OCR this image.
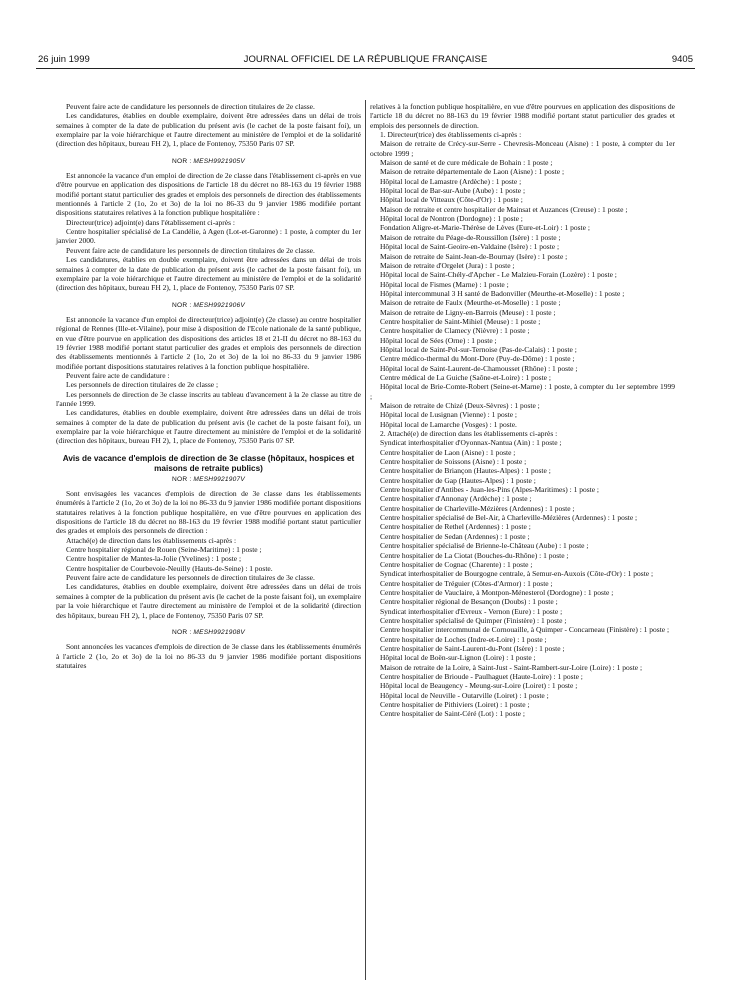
26 juin 1999	JOURNAL OFFICIEL DE LA RÉPUBLIQUE FRANÇAISE	9405

Peuvent faire acte de candidature les personnels de direction titulaires de 2e classe.

Les candidatures, établies en double exemplaire, doivent être adressées dans un délai de trois semaines à compter de la date de publication du présent avis (le cachet de la poste faisant foi), un exemplaire par la voie hiérarchique et l'autre directement au ministère de l'emploi et de la solidarité (direction des hôpitaux, bureau FH 2), 1, place de Fontenoy, 75350 Paris 07 SP.

NOR : MESH9921905V

Est annoncée la vacance d'un emploi de direction de 2e classe dans l'établissement ci-après en vue d'être pourvue en application des dispositions de l'article 18 du décret no 88-163 du 19 février 1988 modifié portant statut particulier des grades et emplois des personnels de direction des établissements mentionnés à l'article 2 (1o, 2o et 3o) de la loi no 86-33 du 9 janvier 1986 modifiée portant dispositions statutaires relatives à la fonction publique hospitalière :

Directeur(trice) adjoint(e) dans l'établissement ci-après :

Centre hospitalier spécialisé de La Candélie, à Agen (Lot-et-Garonne) : 1 poste, à compter du 1er janvier 2000.

Peuvent faire acte de candidature les personnels de direction titulaires de 2e classe.

Les candidatures, établies en double exemplaire, doivent être adressées dans un délai de trois semaines à compter de la date de publication du présent avis (le cachet de la poste faisant foi), un exemplaire par la voie hiérarchique et l'autre directement au ministère de l'emploi et de la solidarité (direction des hôpitaux, bureau FH 2), 1, place de Fontenoy, 75350 Paris 07 SP.

NOR : MESH9921906V

Est annoncée la vacance d'un emploi de directeur(trice) adjoint(e) (2e classe) au centre hospitalier régional de Rennes (Ille-et-Vilaine), pour mise à disposition de l'Ecole nationale de la santé publique, en vue d'être pourvue en application des dispositions des articles 18 et 21-II du décret no 88-163 du 19 février 1988 modifié portant statut particulier des grades et emplois des personnels de direction des établissements mentionnés à l'article 2 (1o, 2o et 3o) de la loi no 86-33 du 9 janvier 1986 modifiée portant dispositions statutaires relatives à la fonction publique hospitalière.

Peuvent faire acte de candidature :

Les personnels de direction titulaires de 2e classe ;

Les personnels de direction de 3e classe inscrits au tableau d'avancement à la 2e classe au titre de l'année 1999.

Les candidatures, établies en double exemplaire, doivent être adressées dans un délai de trois semaines à compter de la date de publication du présent avis (le cachet de la poste faisant foi), un exemplaire par la voie hiérarchique et l'autre directement au ministère de l'emploi et de la solidarité (direction des hôpitaux, bureau FH 2), 1, place de Fontenoy, 75350 Paris 07 SP.

Avis de vacance d'emplois de direction de 3e classe (hôpitaux, hospices et maisons de retraite publics)
NOR : MESH9921907V

Sont envisagées les vacances d'emplois de direction de 3e classe dans les établissements énumérés à l'article 2 (1o, 2o et 3o) de la loi no 86-33 du 9 janvier 1986 modifiée portant dispositions statutaires relatives à la fonction publique hospitalière, en vue d'être pourvues en application des dispositions de l'article 18 du décret no 88-163 du 19 février 1988 modifié portant statut particulier des grades et emplois des personnels de direction :

Attaché(e) de direction dans les établissements ci-après :

Centre hospitalier régional de Rouen (Seine-Maritime) : 1 poste ;

Centre hospitalier de Mantes-la-Jolie (Yvelines) : 1 poste ;

Centre hospitalier de Courbevoie-Neuilly (Hauts-de-Seine) : 1 poste.

Peuvent faire acte de candidature les personnels de direction titulaires de 3e classe.

Les candidatures, établies en double exemplaire, doivent être adressées dans un délai de trois semaines à compter de la publication du présent avis (le cachet de la poste faisant foi), un exemplaire par la voie hiérarchique et l'autre directement au ministère de l'emploi et de la solidarité (direction des hôpitaux, bureau FH 2), 1, place de Fontenoy, 75350 Paris 07 SP.

NOR : MESH9921908V

Sont annoncées les vacances d'emplois de direction de 3e classe dans les établissements énumérés à l'article 2 (1o, 2o et 3o) de la loi no 86-33 du 9 janvier 1986 modifiée portant dispositions statutaires

relatives à la fonction publique hospitalière, en vue d'être pourvues en application des dispositions de l'article 18 du décret no 88-163 du 19 février 1988 modifié portant statut particulier des grades et emplois des personnels de direction.

1. Directeur(trice) des établissements ci-après :

Maison de retraite de Crécy-sur-Serre - Chevresis-Monceau (Aisne) : 1 poste, à compter du 1er octobre 1999 ;

Maison de santé et de cure médicale de Bohain : 1 poste ;

Maison de retraite départementale de Laon (Aisne) : 1 poste ;

Hôpital local de Lamastre (Ardèche) : 1 poste ;

Hôpital local de Bar-sur-Aube (Aube) : 1 poste ;

Hôpital local de Vitteaux (Côte-d'Or) : 1 poste ;

Maison de retraite et centre hospitalier de Mainsat et Auzances (Creuse) : 1 poste ;

Hôpital local de Nontron (Dordogne) : 1 poste ;

Fondation Aligre-et-Marie-Thérèse de Lèves (Eure-et-Loir) : 1 poste ;

Maison de retraite du Péage-de-Roussillon (Isère) : 1 poste ;

Hôpital local de Saint-Geoire-en-Valdaine (Isère) : 1 poste ;

Maison de retraite de Saint-Jean-de-Bournay (Isère) : 1 poste ;

Maison de retraite d'Orgelet (Jura) : 1 poste ;

Hôpital local de Saint-Chély-d'Apcher - Le Malzieu-Forain (Lozère) : 1 poste ;

Hôpital local de Fismes (Marne) : 1 poste ;

Hôpital intercommunal 3 H santé de Badonviller (Meurthe-et-Moselle) : 1 poste ;

Maison de retraite de Faulx (Meurthe-et-Moselle) : 1 poste ;

Maison de retraite de Ligny-en-Barrois (Meuse) : 1 poste ;

Centre hospitalier de Saint-Mihiel (Meuse) : 1 poste ;

Centre hospitalier de Clamecy (Nièvre) : 1 poste ;

Hôpital local de Sées (Orne) : 1 poste ;

Hôpital local de Saint-Pol-sur-Ternoise (Pas-de-Calais) : 1 poste ;

Centre médico-thermal du Mont-Dore (Puy-de-Dôme) : 1 poste ;

Hôpital local de Saint-Laurent-de-Chamousset (Rhône) : 1 poste ;

Centre médical de La Guiche (Saône-et-Loire) : 1 poste ;

Hôpital local de Brie-Comte-Robert (Seine-et-Marne) : 1 poste, à compter du 1er septembre 1999 ;

Maison de retraite de Chizé (Deux-Sèvres) : 1 poste ;

Hôpital local de Lusignan (Vienne) : 1 poste ;

Hôpital local de Lamarche (Vosges) : 1 poste.

2. Attaché(e) de direction dans les établissements ci-après :

Syndicat interhospitalier d'Oyonnax-Nantua (Ain) : 1 poste ;

Centre hospitalier de Laon (Aisne) : 1 poste ;

Centre hospitalier de Soissons (Aisne) : 1 poste ;

Centre hospitalier de Briançon (Hautes-Alpes) : 1 poste ;

Centre hospitalier de Gap (Hautes-Alpes) : 1 poste ;

Centre hospitalier d'Antibes - Juan-les-Pins (Alpes-Maritimes) : 1 poste ;

Centre hospitalier d'Annonay (Ardèche) : 1 poste ;

Centre hospitalier de Charleville-Mézières (Ardennes) : 1 poste ;

Centre hospitalier spécialisé de Bel-Air, à Charleville-Mézières (Ardennes) : 1 poste ;

Centre hospitalier de Rethel (Ardennes) : 1 poste ;

Centre hospitalier de Sedan (Ardennes) : 1 poste ;

Centre hospitalier spécialisé de Brienne-le-Château (Aube) : 1 poste ;

Centre hospitalier de La Ciotat (Bouches-du-Rhône) : 1 poste ;

Centre hospitalier de Cognac (Charente) : 1 poste ;

Syndicat interhospitalier de Bourgogne centrale, à Semur-en-Auxois (Côte-d'Or) : 1 poste ;

Centre hospitalier de Tréguier (Côtes-d'Armor) : 1 poste ;

Centre hospitalier de Vauclaire, à Montpon-Ménesterol (Dordogne) : 1 poste ;

Centre hospitalier régional de Besançon (Doubs) : 1 poste ;

Syndicat interhospitalier d'Evreux - Vernon (Eure) : 1 poste ;

Centre hospitalier spécialisé de Quimper (Finistère) : 1 poste ;

Centre hospitalier intercommunal de Cornouaille, à Quimper - Concarneau (Finistère) : 1 poste ;

Centre hospitalier de Loches (Indre-et-Loire) : 1 poste ;

Centre hospitalier de Saint-Laurent-du-Pont (Isère) : 1 poste ;

Hôpital local de Boën-sur-Lignon (Loire) : 1 poste ;

Maison de retraite de la Loire, à Saint-Just - Saint-Rambert-sur-Loire (Loire) : 1 poste ;

Centre hospitalier de Brioude - Paulhaguet (Haute-Loire) : 1 poste ;

Hôpital local de Beaugency - Meung-sur-Loire (Loiret) : 1 poste ;

Hôpital local de Neuville - Outarville (Loiret) : 1 poste ;

Centre hospitalier de Pithiviers (Loiret) : 1 poste ;

Centre hospitalier de Saint-Céré (Lot) : 1 poste ;
